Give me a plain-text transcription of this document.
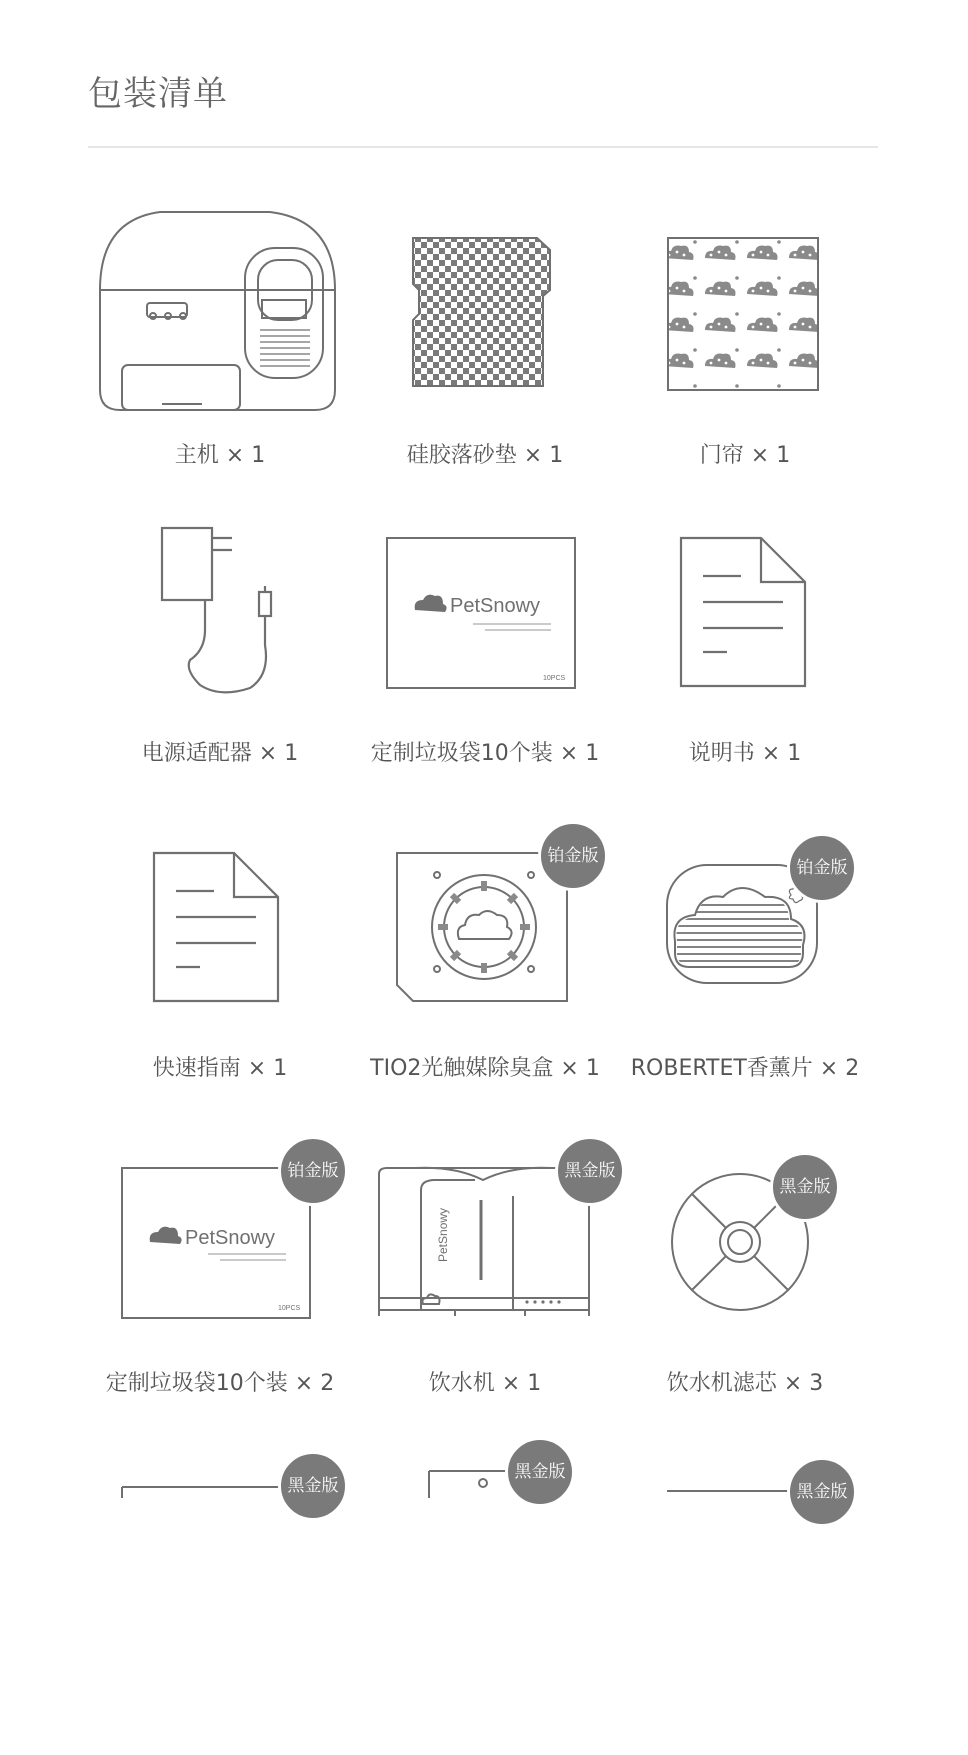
包装清单
主机 × 1	硅胶落砂垫 × 1	门帘 × 1
电源适配器 × 1
PetSnowy
10PCS
定制垃圾袋10个装 × 1	说明书 × 1
快速指南 × 1
铂金版
TIO2光触媒除臭盒 × 1
铂金版
ROBERTET香薰片 × 2
PetSnowy
10PCS
铂金版
定制垃圾袋10个装 × 2
PetSnowy
黑金版
饮水机 × 1
黑金版
饮水机滤芯 × 3
黑金版
黑金版
黑金版
